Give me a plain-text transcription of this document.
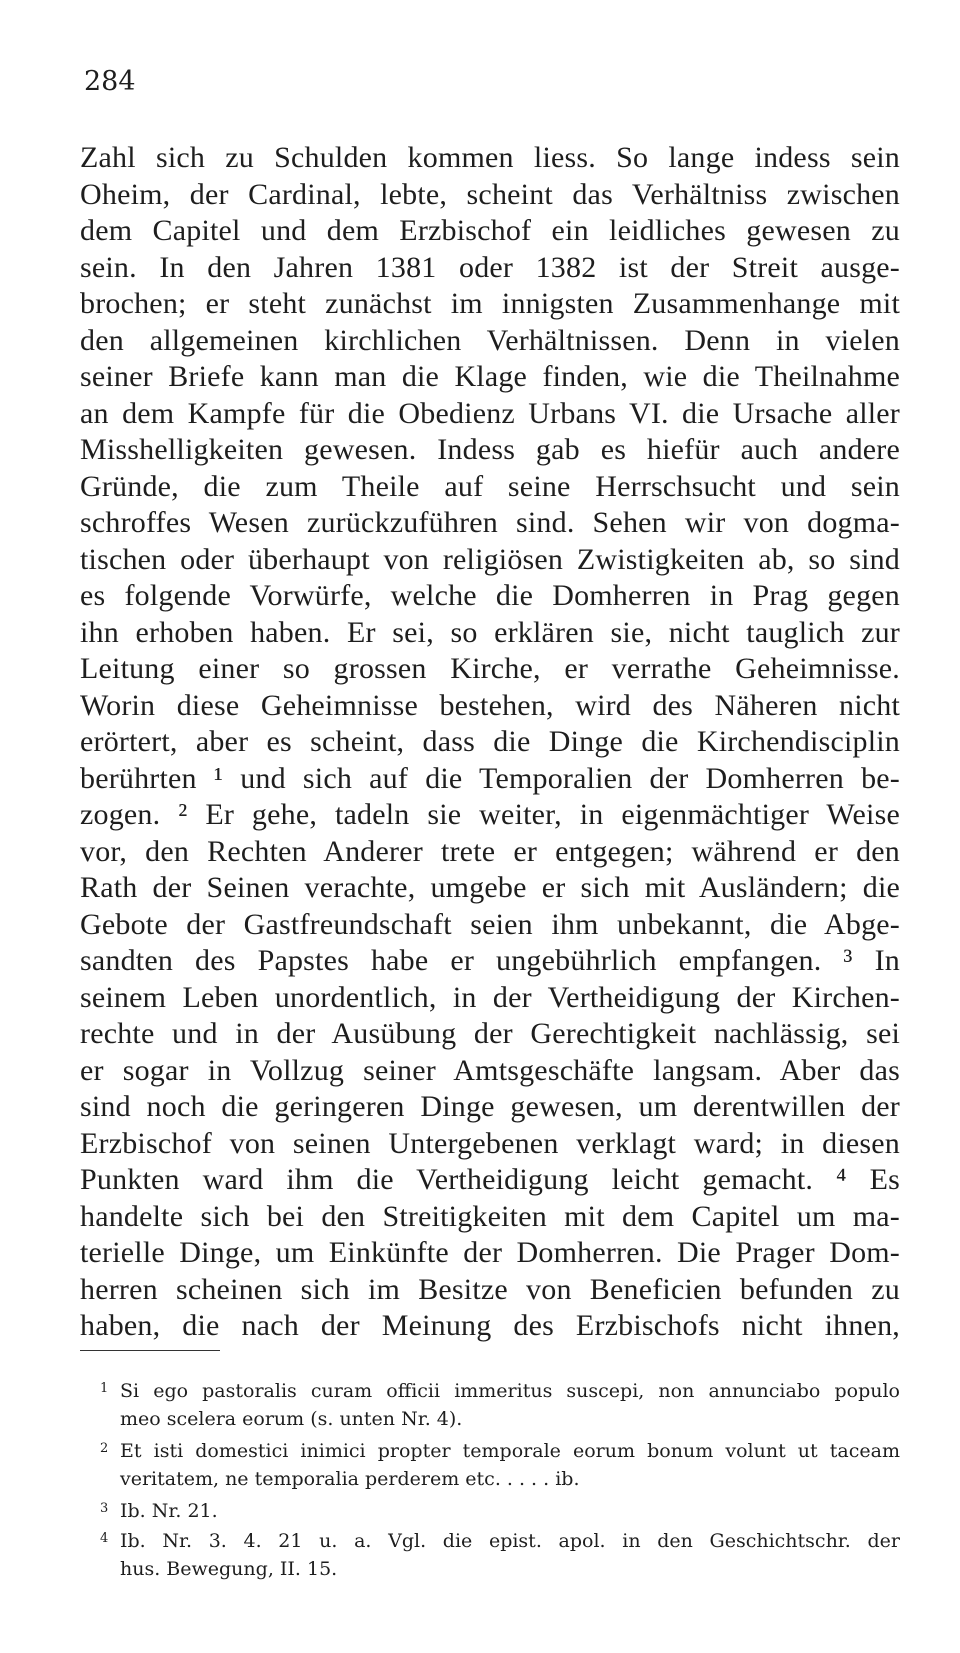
284
Zahl sich zu Schulden kommen liess. So lange indess sein
Oheim, der Cardinal, lebte, scheint das Verhältniss zwischen
dem Capitel und dem Erzbischof ein leidliches gewesen zu
sein. In den Jahren 1381 oder 1382 ist der Streit ausge-
brochen; er steht zunächst im innigsten Zusammenhange mit
den allgemeinen kirchlichen Verhältnissen. Denn in vielen
seiner Briefe kann man die Klage finden, wie die Theilnahme
an dem Kampfe für die Obedienz Urbans VI. die Ursache aller
Misshelligkeiten gewesen. Indess gab es hiefür auch andere
Gründe, die zum Theile auf seine Herrschsucht und sein
schroffes Wesen zurückzuführen sind. Sehen wir von dogma-
tischen oder überhaupt von religiösen Zwistigkeiten ab, so sind
es folgende Vorwürfe, welche die Domherren in Prag gegen
ihn erhoben haben. Er sei, so erklären sie, nicht tauglich zur
Leitung einer so grossen Kirche, er verrathe Geheimnisse.
Worin diese Geheimnisse bestehen, wird des Näheren nicht
erörtert, aber es scheint, dass die Dinge die Kirchendisciplin
berührten ¹ und sich auf die Temporalien der Domherren be-
zogen. ² Er gehe, tadeln sie weiter, in eigenmächtiger Weise
vor, den Rechten Anderer trete er entgegen; während er den
Rath der Seinen verachte, umgebe er sich mit Ausländern; die
Gebote der Gastfreundschaft seien ihm unbekannt, die Abge-
sandten des Papstes habe er ungebührlich empfangen. ³ In
seinem Leben unordentlich, in der Vertheidigung der Kirchen-
rechte und in der Ausübung der Gerechtigkeit nachlässig, sei
er sogar in Vollzug seiner Amtsgeschäfte langsam. Aber das
sind noch die geringeren Dinge gewesen, um derentwillen der
Erzbischof von seinen Untergebenen verklagt ward; in diesen
Punkten ward ihm die Vertheidigung leicht gemacht. ⁴ Es
handelte sich bei den Streitigkeiten mit dem Capitel um ma-
terielle Dinge, um Einkünfte der Domherren. Die Prager Dom-
herren scheinen sich im Besitze von Beneficien befunden zu
haben, die nach der Meinung des Erzbischofs nicht ihnen,
1 Si ego pastoralis curam officii immeritus suscepi, non annunciabo populo
meo scelera eorum (s. unten Nr. 4).
2 Et isti domestici inimici propter temporale eorum bonum volunt ut taceam
veritatem, ne temporalia perderem etc. . . . . ib.
3 Ib. Nr. 21.
4 Ib. Nr. 3. 4. 21 u. a. Vgl. die epist. apol. in den Geschichtschr. der
hus. Bewegung, II. 15.
